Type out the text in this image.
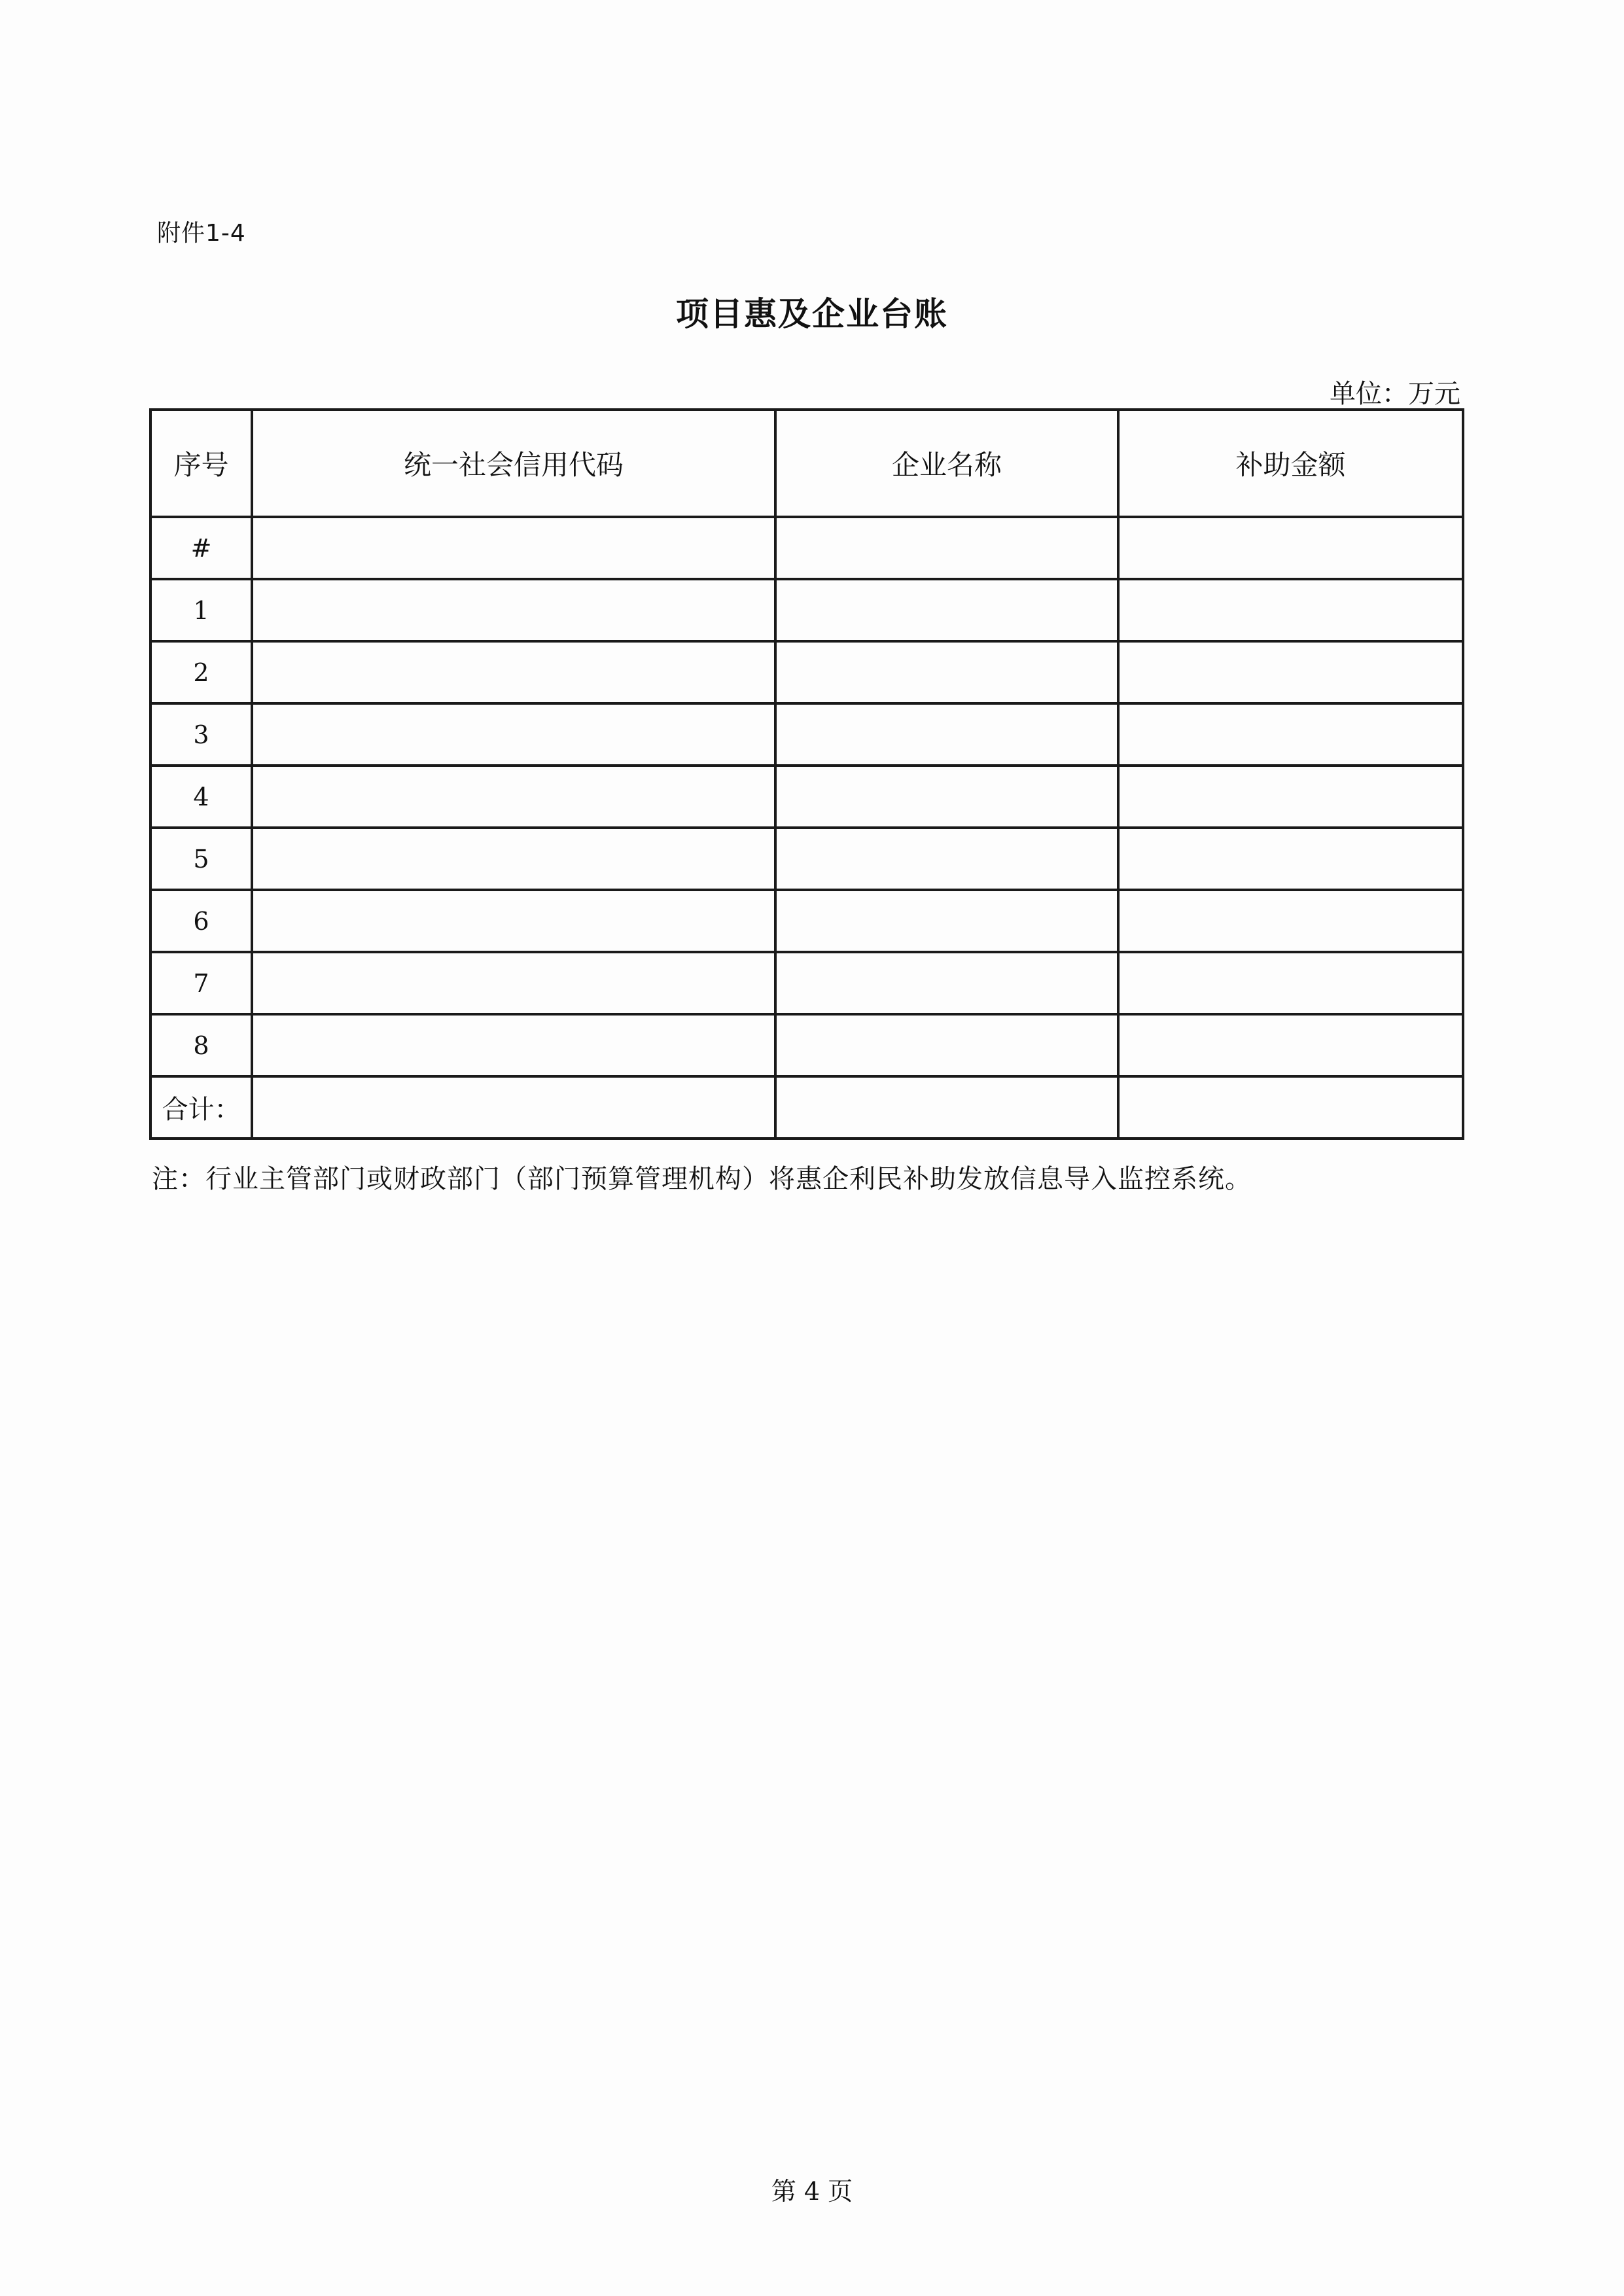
附件1-4
项目惠及企业台账
单位：万元
序号	统一社会信用代码	企业名称	补助金额
#			
1			
2			
3			
4			
5			
6			
7			
8			
合计：			
注：行业主管部门或财政部门（部门预算管理机构）将惠企利民补助发放信息导入监控系统。
第 4 页
